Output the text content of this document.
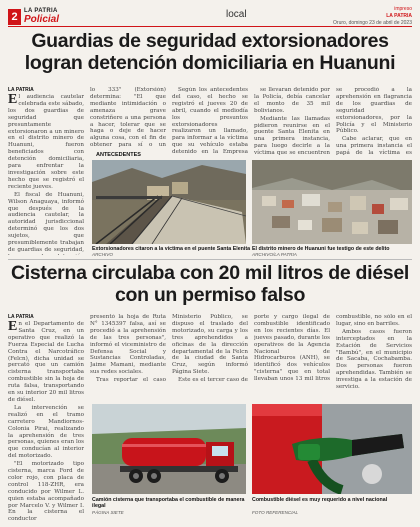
2	LA PATRIA
Policial	local	impreso
LA PATRIA
Oruro, domingo 23 de abril de 2023
Guardias de seguridad extorsionadores logran detención domiciliaria en Huanuni
LA PATRIA
E l audiencia cautelar celebrada este sábado, los dos guardias de seguridad que presuntamente extorsionaron a un minero en el distrito minero de Huanuni, fueron beneficiados con detención domiciliaria, para enfrentar la investigación sobre este hecho que se registró el reciente jueves.

El fiscal de Huanuni, Wilson Anaguaya, informó que después de la audiencia cautelar, la autoridad jurisdiccional determinó que los dos sujetos, que presumiblemente trabajan de guardias de seguridad,

lo 333° (Extorsión) determina: "El que mediante intimidación o amenaza grave constriñere a una persona a hacer, tolerar que se haga o deje de hacer alguna cosa, con el fin de obtener para sí o un

Según los antecedentes del caso, el hecho se registró el jueves 20 de abril, cuando el mediodía los presuntos extorsionadores realizaron un llamado, para informar a la víctima que su vehículo estaba detenido en la Empresa

se llevaran detenido por la Policía, debía cancelar el monto de 35 mil bolivianos.

Mediante las llamadas pidieron reunirse en el puente Santa Elenita en una primera instancia, para luego decirle a la víctima que se encuentren

se procedió a la aprehensión en flagrancia de los guardias de seguridad extorsionadores, por la Policía y el Ministerio Público.

Cabe aclarar, que en una primera instancia el papá de la víctima es

ANTECEDENTES
Extorsionadores citaron a la víctima en el puente Santa Elenita
ARCHIVO
El distrito minero de Huanuni fue testigo de este delito
ARCHIVO/LA PATRIA
Cisterna circulaba con 20 mil litros de diésel con un permiso falso
LA PATRIA
E n el Departamento de Santa Cruz, en un operativo que realizó la Fuerza Especial de Lucha Contra el Narcotráfico (Felcn), dicha unidad se percató que un camión cisterna transportaba combustible sin la hoja de ruta falsa, transportando en su interior 20 mil litros de diésel.

La intervención se realizó en el tramo carretero Mandiornos-Colonia Pirai, realizando la aprehensión de tres personas, quienes eran los que conducían al interior del motorizado.

"El motorizado tipo cisterna, marca Ford de color rojo, con placa de control 118-ZHR, era conducido por Wilmer L. quien estaba acompañado por Marcelo V. y Wilmer I. En la cisterna el conductor

presentó la hoja de Ruta N° 1345397 falsa, así se procedió a la aprehensión de las tres personas", informó el viceministro de Defensa Social y Sustancias Controladas, Jaime Mamani, mediante sus redes sociales.

Tras reportar el caso

Ministerio Público, se dispuso el traslado del motorizado, su carga y los tres aprehendidos a oficinas de la dirección departamental de la Felcn de la ciudad de Santa Cruz, según informó Página Siete.

Este es el tercer caso de

porte y cargo ilegal de combustible identificado en los recientes días. El jueves pasado, durante los operativos de la Agencia Nacional de Hidrocarburos (ANH), se identificó dos vehículos "cisterna" que en total llevaban unos 13 mil litros

combustible, no sólo en el lugar, sino en barriles.

Ambos casos fueron interceptados en la Estación de Servicios "Bambú", en el municipio de Sacaba, Cochabamba. Dos personas fueron aprehendidas. También se investiga a la estación de servicio.

Camión cisterna que transportaba el combustible de manera ilegal
PÁGINA SIETE
Combustible diésel es muy requerido a nivel nacional
FOTO REFERENCIAL
